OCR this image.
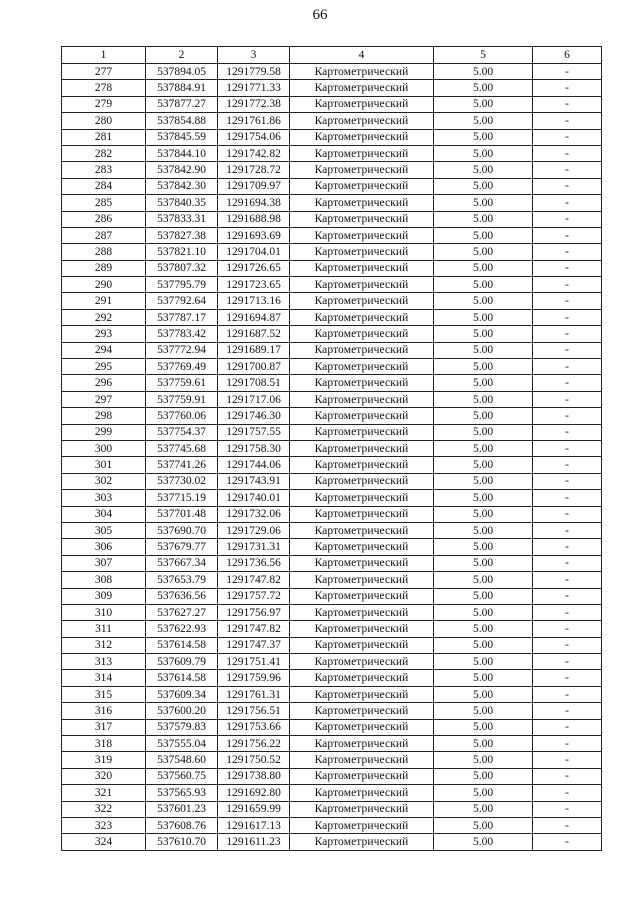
66
1	2	3	4	5	6
277	537894.05	1291779.58	Картометрический	5.00	-
278	537884.91	1291771.33	Картометрический	5.00	-
279	537877.27	1291772.38	Картометрический	5.00	-
280	537854.88	1291761.86	Картометрический	5.00	-
281	537845.59	1291754.06	Картометрический	5.00	-
282	537844.10	1291742.82	Картометрический	5.00	-
283	537842.90	1291728.72	Картометрический	5.00	-
284	537842.30	1291709.97	Картометрический	5.00	-
285	537840.35	1291694.38	Картометрический	5.00	-
286	537833.31	1291688.98	Картометрический	5.00	-
287	537827.38	1291693.69	Картометрический	5.00	-
288	537821.10	1291704.01	Картометрический	5.00	-
289	537807.32	1291726.65	Картометрический	5.00	-
290	537795.79	1291723.65	Картометрический	5.00	-
291	537792.64	1291713.16	Картометрический	5.00	-
292	537787.17	1291694.87	Картометрический	5.00	-
293	537783.42	1291687.52	Картометрический	5.00	-
294	537772.94	1291689.17	Картометрический	5.00	-
295	537769.49	1291700.87	Картометрический	5.00	-
296	537759.61	1291708.51	Картометрический	5.00	-
297	537759.91	1291717.06	Картометрический	5.00	-
298	537760.06	1291746.30	Картометрический	5.00	-
299	537754.37	1291757.55	Картометрический	5.00	-
300	537745.68	1291758.30	Картометрический	5.00	-
301	537741.26	1291744.06	Картометрический	5.00	-
302	537730.02	1291743.91	Картометрический	5.00	-
303	537715.19	1291740.01	Картометрический	5.00	-
304	537701.48	1291732.06	Картометрический	5.00	-
305	537690.70	1291729.06	Картометрический	5.00	-
306	537679.77	1291731.31	Картометрический	5.00	-
307	537667.34	1291736.56	Картометрический	5.00	-
308	537653.79	1291747.82	Картометрический	5.00	-
309	537636.56	1291757.72	Картометрический	5.00	-
310	537627.27	1291756.97	Картометрический	5.00	-
311	537622.93	1291747.82	Картометрический	5.00	-
312	537614.58	1291747.37	Картометрический	5.00	-
313	537609.79	1291751.41	Картометрический	5.00	-
314	537614.58	1291759.96	Картометрический	5.00	-
315	537609.34	1291761.31	Картометрический	5.00	-
316	537600.20	1291756.51	Картометрический	5.00	-
317	537579.83	1291753.66	Картометрический	5.00	-
318	537555.04	1291756.22	Картометрический	5.00	-
319	537548.60	1291750.52	Картометрический	5.00	-
320	537560.75	1291738.80	Картометрический	5.00	-
321	537565.93	1291692.80	Картометрический	5.00	-
322	537601.23	1291659.99	Картометрический	5.00	-
323	537608.76	1291617.13	Картометрический	5.00	-
324	537610.70	1291611.23	Картометрический	5.00	-
